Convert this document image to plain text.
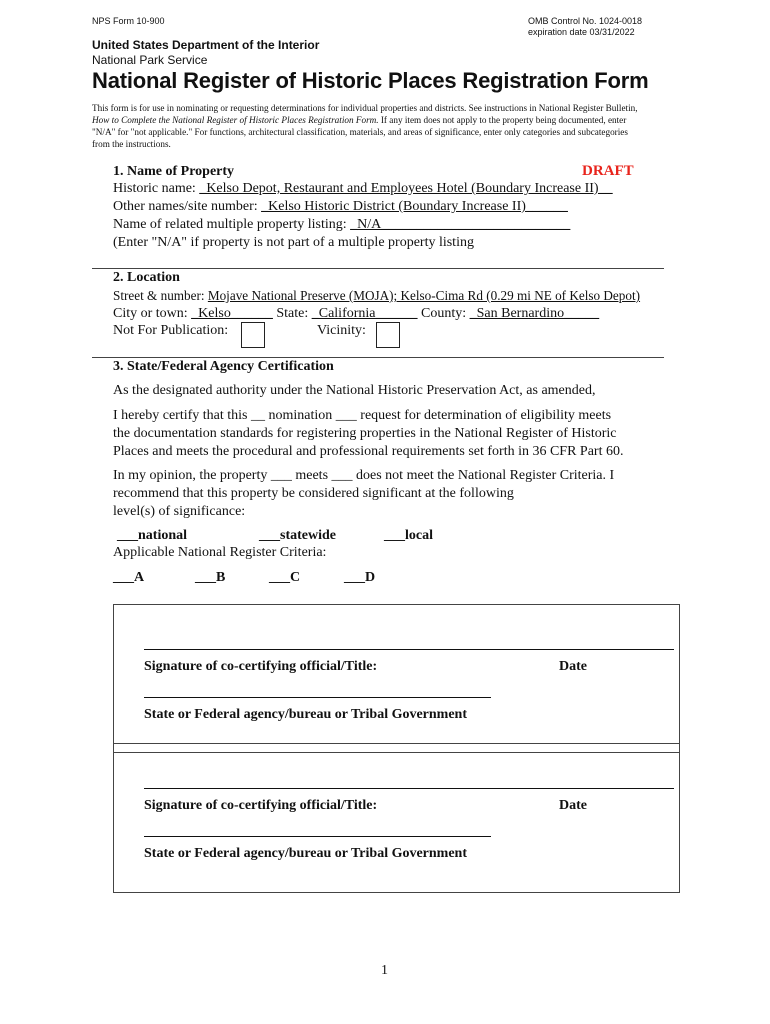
NPS Form 10-900	OMB Control No. 1024-0018
expiration date 03/31/2022
United States Department of the Interior
National Park Service
National Register of Historic Places Registration Form
This form is for use in nominating or requesting determinations for individual properties and districts. See instructions in National Register Bulletin,
How to Complete the National Register of Historic Places Registration Form. If any item does not apply to the property being documented, enter
"N/A" for "not applicable." For functions, architectural classification, materials, and areas of significance, enter only categories and subcategories
from the instructions.
1. Name of Property	DRAFT
Historic name: _Kelso Depot, Restaurant and Employees Hotel (Boundary Increase II)__
Other names/site number: _Kelso Historic District (Boundary Increase II)______
Name of related multiple property listing: _N/A___________________________
(Enter "N/A" if property is not part of a multiple property listing
2. Location
Street & number: Mojave National Preserve (MOJA); Kelso-Cima Rd (0.29 mi NE of Kelso Depot)
City or town: _Kelso______ State: _California______ County: _San Bernardino_____
Not For Publication:	Vicinity:
3. State/Federal Agency Certification
As the designated authority under the National Historic Preservation Act, as amended,
I hereby certify that this __ nomination ___ request for determination of eligibility meets
the documentation standards for registering properties in the National Register of Historic
Places and meets the procedural and professional requirements set forth in 36 CFR Part 60.
In my opinion, the property ___ meets ___ does not meet the National Register Criteria. I
recommend that this property be considered significant at the following
level(s) of significance:
___national	___statewide	___local
Applicable National Register Criteria:
___A	___B	___C	___D
Signature of co-certifying official/Title:	Date
State or Federal agency/bureau or Tribal Government
Signature of co-certifying official/Title:	Date
State or Federal agency/bureau or Tribal Government
1
